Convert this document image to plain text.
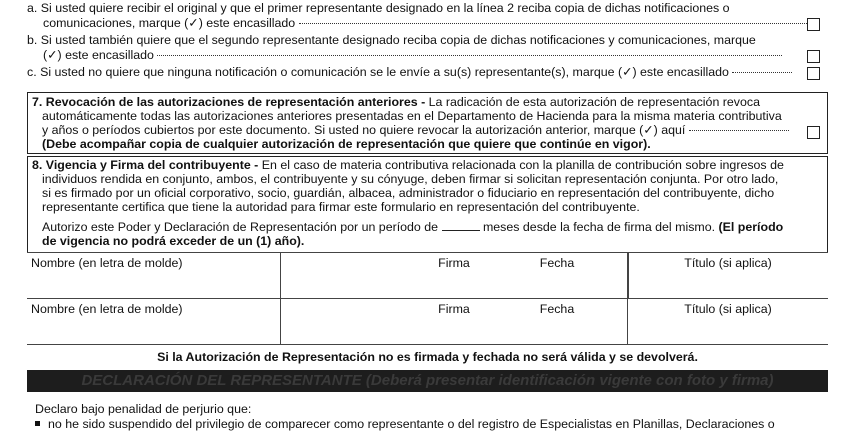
a. Si usted quiere recibir el original y que el primer representante designado en la línea 2 reciba copia de dichas notificaciones o
comunicaciones, marque (✓) este encasillado
b. Si usted también quiere que el segundo representante designado reciba copia de dichas notificaciones y comunicaciones, marque
(✓) este encasillado
c. Si usted no quiere que ninguna notificación o comunicación se le envíe a su(s) representante(s), marque (✓) este encasillado
7. Revocación de las autorizaciones de representación anteriores - La radicación de esta autorización de representación revoca
automáticamente todas las autorizaciones anteriores presentadas en el Departamento de Hacienda para la misma materia contributiva
y años o períodos cubiertos por este documento. Si usted no quiere revocar la autorización anterior, marque (✓) aquí
(Debe acompañar copia de cualquier autorización de representación que quiere que continúe en vigor).
8. Vigencia y Firma del contribuyente - En el caso de materia contributiva relacionada con la planilla de contribución sobre ingresos de
individuos rendida en conjunto, ambos, el contribuyente y su cónyuge, deben firmar si solicitan representación conjunta. Por otro lado,
si es firmado por un oficial corporativo, socio, guardián, albacea, administrador o fiduciario en representación del contribuyente, dicho
representante certifica que tiene la autoridad para firmar este formulario en representación del contribuyente.
Autorizo este Poder y Declaración de Representación por un período de	meses desde la fecha de firma del mismo. (El período
de vigencia no podrá exceder de un (1) año).
Nombre (en letra de molde)	Firma	Fecha	Título (si aplica)
Nombre (en letra de molde)	Firma	Fecha	Título (si aplica)
Si la Autorización de Representación no es firmada y fechada no será válida y se devolverá.
DECLARACIÓN DEL REPRESENTANTE (Deberá presentar identificación vigente con foto y firma)
Declaro bajo penalidad de perjurio que:
no he sido suspendido del privilegio de comparecer como representante o del registro de Especialistas en Planillas, Declaraciones o
